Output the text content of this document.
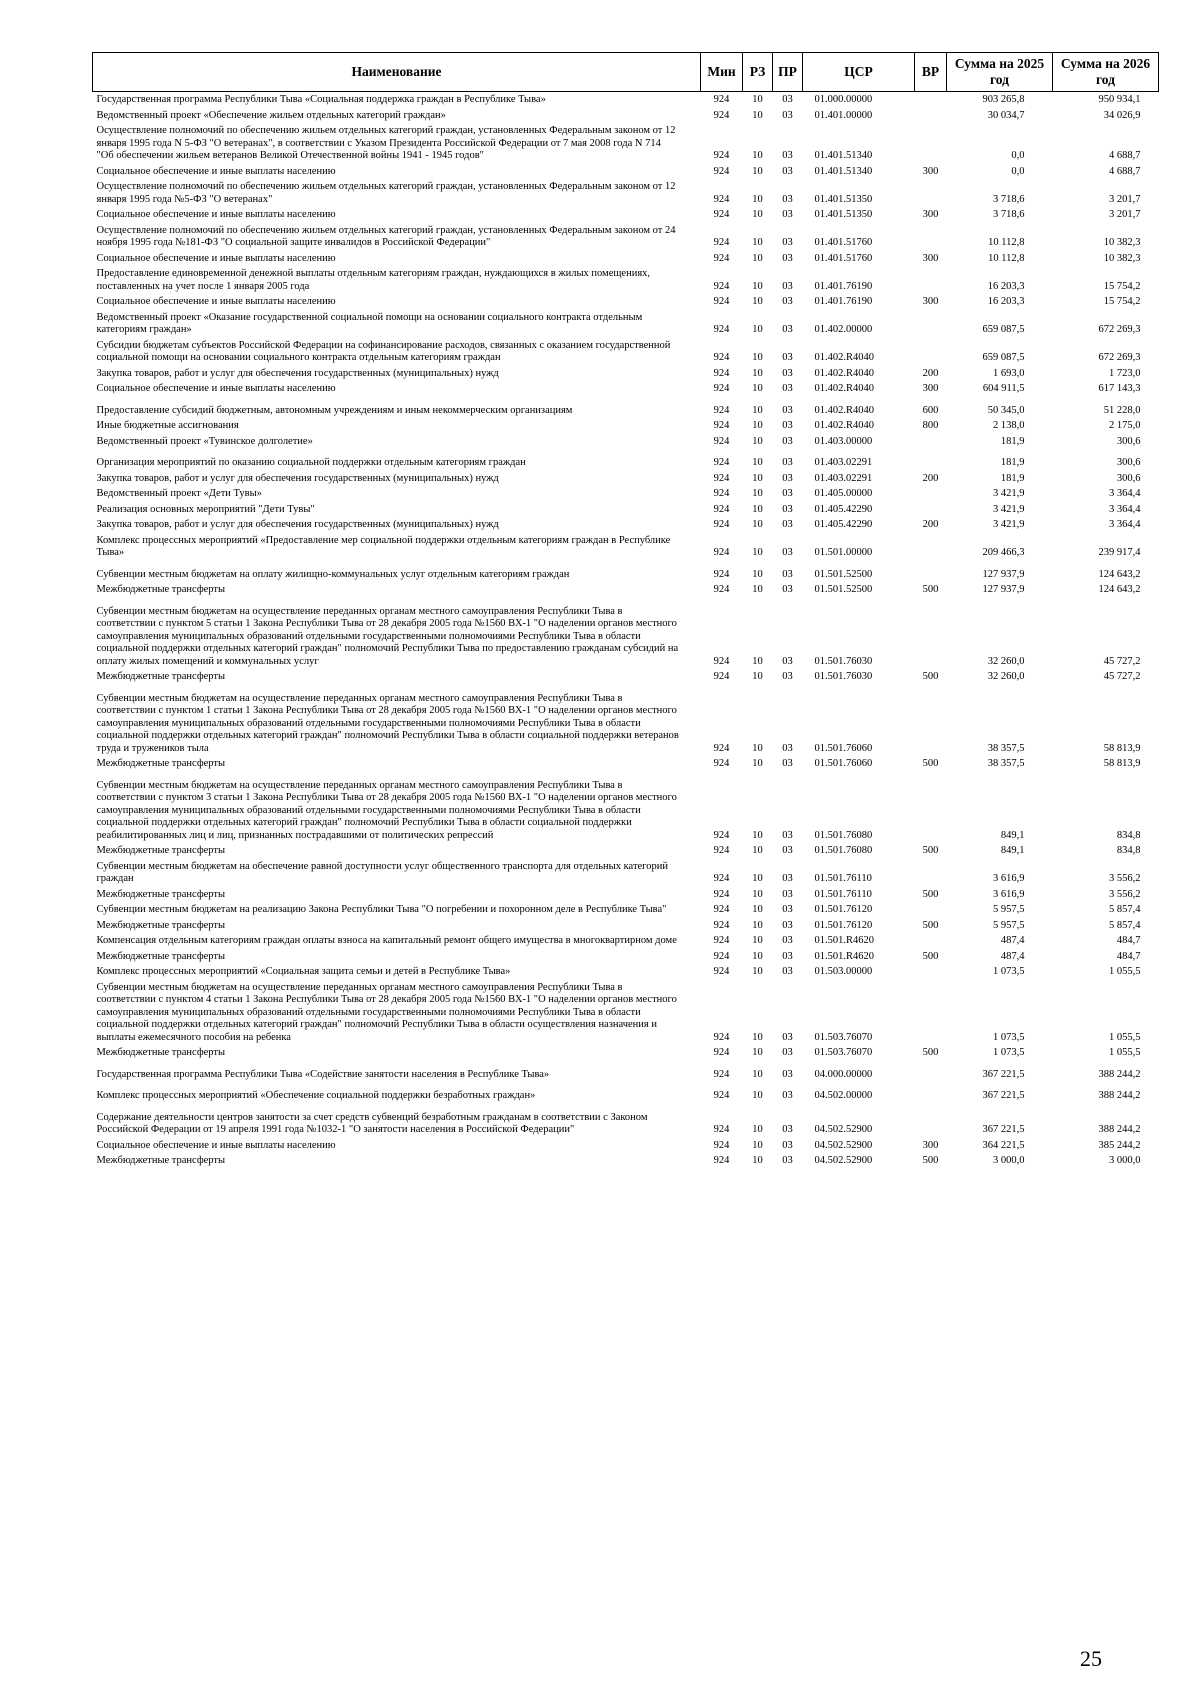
Наименование	Мин	РЗ	ПР	ЦСР	ВР	Сумма на 2025 год	Сумма на 2026 год
Государственная программа Республики Тыва «Социальная поддержка граждан в Республике Тыва»	924	10	03	01.000.00000		903 265,8	950 934,1
Ведомственный проект «Обеспечение жильем отдельных категорий граждан»	924	10	03	01.401.00000		30 034,7	34 026,9
Осуществление полномочий по обеспечению жильем отдельных категорий граждан, установленных Федеральным законом от 12 января 1995 года N 5-ФЗ "О ветеранах", в соответствии с Указом Президента Российской Федерации от 7 мая 2008 года N 714 "Об обеспечении жильем ветеранов Великой Отечественной войны 1941 - 1945 годов"	924	10	03	01.401.51340		0,0	4 688,7
Социальное обеспечение и иные выплаты населению	924	10	03	01.401.51340	300	0,0	4 688,7
Осуществление полномочий по обеспечению жильем отдельных категорий граждан, установленных Федеральным законом от 12 января 1995 года №5-ФЗ "О ветеранах"	924	10	03	01.401.51350		3 718,6	3 201,7
Социальное обеспечение и иные выплаты населению	924	10	03	01.401.51350	300	3 718,6	3 201,7
Осуществление полномочий по обеспечению жильем отдельных категорий граждан, установленных Федеральным законом от 24 ноября 1995 года №181-ФЗ "О социальной защите инвалидов в Российской Федерации"	924	10	03	01.401.51760		10 112,8	10 382,3
Социальное обеспечение и иные выплаты населению	924	10	03	01.401.51760	300	10 112,8	10 382,3
Предоставление единовременной денежной выплаты отдельным категориям граждан, нуждающихся в жилых помещениях, поставленных на учет после 1 января 2005 года	924	10	03	01.401.76190		16 203,3	15 754,2
Социальное обеспечение и иные выплаты населению	924	10	03	01.401.76190	300	16 203,3	15 754,2
Ведомственный проект «Оказание государственной социальной помощи на основании социального контракта отдельным категориям граждан»	924	10	03	01.402.00000		659 087,5	672 269,3
Субсидии бюджетам субъектов Российской Федерации на софинансирование расходов, связанных с оказанием государственной социальной помощи на основании социального контракта отдельным категориям граждан	924	10	03	01.402.R4040		659 087,5	672 269,3
Закупка товаров, работ и услуг для обеспечения государственных (муниципальных) нужд	924	10	03	01.402.R4040	200	1 693,0	1 723,0
Социальное обеспечение и иные выплаты населению	924	10	03	01.402.R4040	300	604 911,5	617 143,3
Предоставление субсидий бюджетным, автономным учреждениям и иным некоммерческим организациям	924	10	03	01.402.R4040	600	50 345,0	51 228,0
Иные бюджетные ассигнования	924	10	03	01.402.R4040	800	2 138,0	2 175,0
Ведомственный проект «Тувинское долголетие»	924	10	03	01.403.00000		181,9	300,6
Организация мероприятий по оказанию социальной поддержки отдельным категориям граждан	924	10	03	01.403.02291		181,9	300,6
Закупка товаров, работ и услуг для обеспечения государственных (муниципальных) нужд	924	10	03	01.403.02291	200	181,9	300,6
Ведомственный проект «Дети Тувы»	924	10	03	01.405.00000		3 421,9	3 364,4
Реализация основных мероприятий "Дети Тувы"	924	10	03	01.405.42290		3 421,9	3 364,4
Закупка товаров, работ и услуг для обеспечения государственных (муниципальных) нужд	924	10	03	01.405.42290	200	3 421,9	3 364,4
Комплекс процессных мероприятий «Предоставление мер социальной поддержки отдельным категориям граждан в Республике Тыва»	924	10	03	01.501.00000		209 466,3	239 917,4
Субвенции местным бюджетам на оплату жилищно-коммунальных услуг отдельным категориям граждан	924	10	03	01.501.52500		127 937,9	124 643,2
Межбюджетные трансферты	924	10	03	01.501.52500	500	127 937,9	124 643,2
Субвенции местным бюджетам на осуществление переданных органам местного самоуправления Республики Тыва в соответствии с пунктом 5 статьи 1 Закона Республики Тыва от 28 декабря 2005 года №1560 ВХ-1 "О наделении органов местного самоуправления муниципальных образований отдельными государственными полномочиями Республики Тыва в области социальной поддержки отдельных категорий граждан" полномочий Республики Тыва по предоставлению гражданам субсидий на оплату жилых помещений и коммунальных услуг	924	10	03	01.501.76030		32 260,0	45 727,2
Межбюджетные трансферты	924	10	03	01.501.76030	500	32 260,0	45 727,2
Субвенции местным бюджетам на осуществление переданных органам местного самоуправления Республики Тыва в соответствии с пунктом 1 статьи 1 Закона Республики Тыва от 28 декабря 2005 года №1560 ВХ-1 "О наделении органов местного самоуправления муниципальных образований отдельными государственными полномочиями Республики Тыва в области социальной поддержки отдельных категорий граждан" полномочий Республики Тыва в области социальной поддержки ветеранов труда и тружеников тыла	924	10	03	01.501.76060		38 357,5	58 813,9
Межбюджетные трансферты	924	10	03	01.501.76060	500	38 357,5	58 813,9
Субвенции местным бюджетам на осуществление переданных органам местного самоуправления Республики Тыва в соответствии с пунктом 3 статьи 1 Закона Республики Тыва от 28 декабря 2005 года №1560 ВХ-1 "О наделении органов местного самоуправления муниципальных образований отдельными государственными полномочиями Республики Тыва в области социальной поддержки отдельных категорий граждан" полномочий Республики Тыва в области социальной поддержки реабилитированных лиц и лиц, признанных пострадавшими от политических репрессий	924	10	03	01.501.76080		849,1	834,8
Межбюджетные трансферты	924	10	03	01.501.76080	500	849,1	834,8
Субвенции местным бюджетам на обеспечение равной доступности услуг общественного транспорта для отдельных категорий граждан	924	10	03	01.501.76110		3 616,9	3 556,2
Межбюджетные трансферты	924	10	03	01.501.76110	500	3 616,9	3 556,2
Субвенции местным бюджетам на реализацию Закона Республики Тыва "О погребении и похоронном деле в Республике Тыва"	924	10	03	01.501.76120		5 957,5	5 857,4
Межбюджетные трансферты	924	10	03	01.501.76120	500	5 957,5	5 857,4
Компенсация отдельным категориям граждан оплаты взноса на капитальный ремонт общего имущества в многоквартирном доме	924	10	03	01.501.R4620		487,4	484,7
Межбюджетные трансферты	924	10	03	01.501.R4620	500	487,4	484,7
Комплекс процессных мероприятий «Социальная защита семьи и детей в Республике Тыва»	924	10	03	01.503.00000		1 073,5	1 055,5
Субвенции местным бюджетам на осуществление переданных органам местного самоуправления Республики Тыва в соответствии с пунктом 4 статьи 1 Закона Республики Тыва от 28 декабря 2005 года №1560 ВХ-1 "О наделении органов местного самоуправления муниципальных образований отдельными государственными полномочиями Республики Тыва в области социальной поддержки отдельных категорий граждан" полномочий Республики Тыва в области осуществления назначения и выплаты ежемесячного пособия на ребенка	924	10	03	01.503.76070		1 073,5	1 055,5
Межбюджетные трансферты	924	10	03	01.503.76070	500	1 073,5	1 055,5
Государственная программа Республики Тыва «Содействие занятости населения в Республике Тыва»	924	10	03	04.000.00000		367 221,5	388 244,2
Комплекс процессных мероприятий «Обеспечение социальной поддержки безработных граждан»	924	10	03	04.502.00000		367 221,5	388 244,2
Содержание деятельности центров занятости за счет средств субвенций безработным гражданам в соответствии с Законом Российской Федерации от 19 апреля 1991 года №1032-1 "О занятости населения в Российской Федерации"	924	10	03	04.502.52900		367 221,5	388 244,2
Социальное обеспечение и иные выплаты населению	924	10	03	04.502.52900	300	364 221,5	385 244,2
Межбюджетные трансферты	924	10	03	04.502.52900	500	3 000,0	3 000,0
25
